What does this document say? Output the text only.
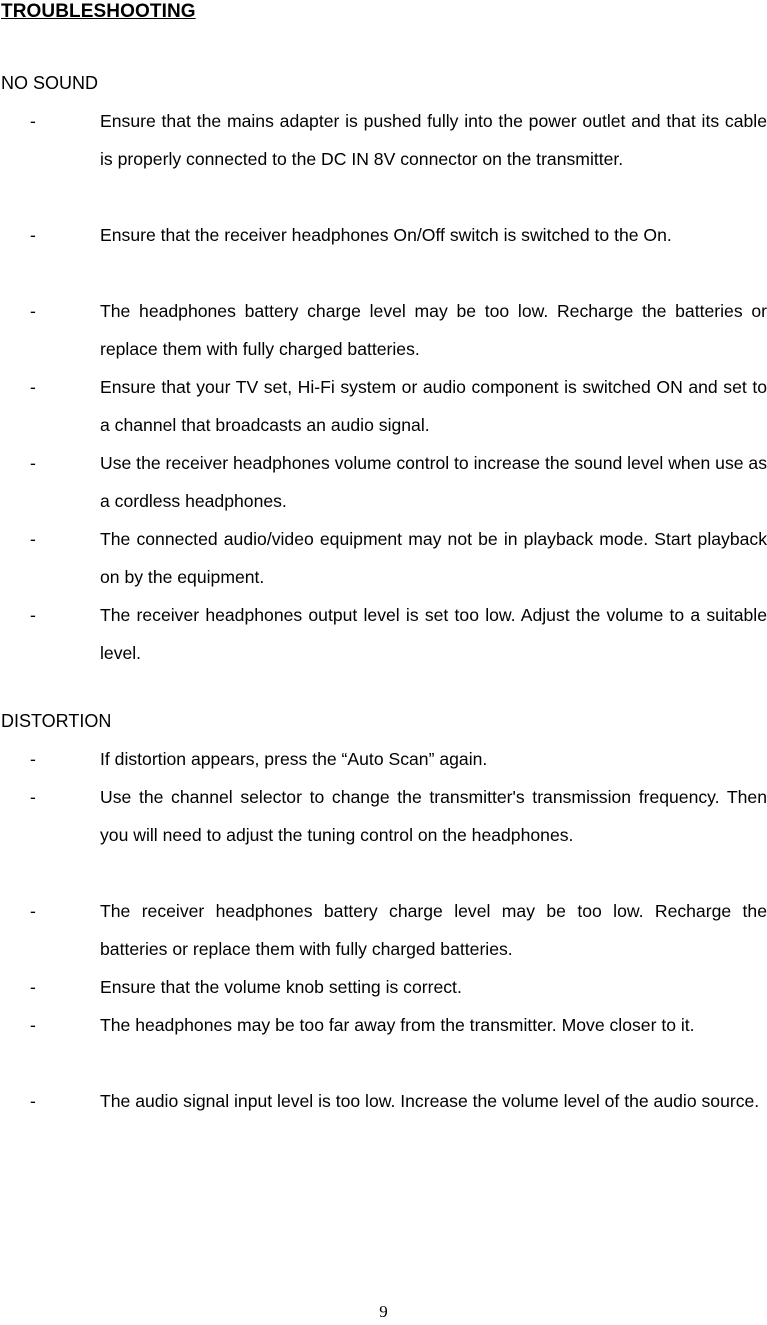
TROUBLESHOOTING
NO SOUND
-	Ensure that the mains adapter is pushed fully into the power outlet and that its cable is properly connected to the DC IN 8V connector on the transmitter.
-	Ensure that the receiver headphones On/Off switch is switched to the On.
-	The headphones battery charge level may be too low. Recharge the batteries or replace them with fully charged batteries.
-	Ensure that your TV set, Hi-Fi system or audio component is switched ON and set to a channel that broadcasts an audio signal.
-	Use the receiver headphones volume control to increase the sound level when use as a cordless headphones.
-	The connected audio/video equipment may not be in playback mode. Start playback on by the equipment.
-	The receiver headphones output level is set too low. Adjust the volume to a suitable level.
DISTORTION
-	If distortion appears, press the “Auto Scan” again.
-	Use the channel selector to change the transmitter's transmission frequency. Then you will need to adjust the tuning control on the headphones.
-	The receiver headphones battery charge level may be too low. Recharge the batteries or replace them with fully charged batteries.
-	Ensure that the volume knob setting is correct.
-	The headphones may be too far away from the transmitter. Move closer to it.
-	The audio signal input level is too low. Increase the volume level of the audio source.
9
